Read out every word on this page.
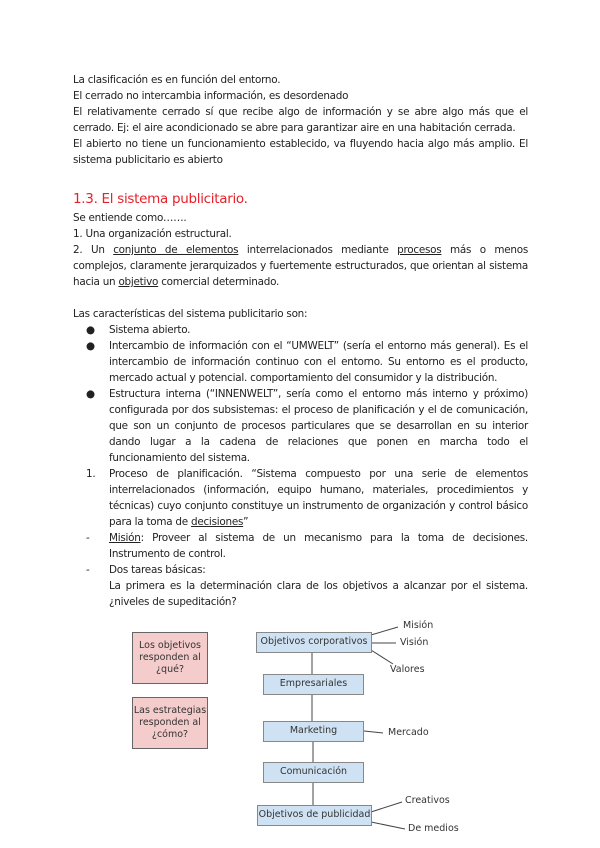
La clasificación es en función del entorno.

El cerrado no intercambia información, es desordenado

El relativamente cerrado sí que recibe algo de información y se abre algo más que el cerrado. Ej: el aire acondicionado se abre para garantizar aire en una habitación cerrada.

El abierto no tiene un funcionamiento establecido, va fluyendo hacia algo más amplio. El sistema publicitario es abierto

1.3. El sistema publicitario.

Se entiende como…….

1. Una organización estructural.

2. Un conjunto de elementos interrelacionados mediante procesos más o menos complejos, claramente jerarquizados y fuertemente estructurados, que orientan al sistema hacia un objetivo comercial determinado.

Las características del sistema publicitario son:

● Sistema abierto.
● Intercambio de información con el “UMWELT” (sería el entorno más general). Es el intercambio de información continuo con el entorno. Su entorno es el producto, mercado actual y potencial. comportamiento del consumidor y la distribución.
● Estructura interna (“INNENWELT”, sería como el entorno más interno y próximo) configurada por dos subsistemas: el proceso de planificación y el de comunicación, que son un conjunto de procesos particulares que se desarrollan en su interior dando lugar a la cadena de relaciones que ponen en marcha todo el funcionamiento del sistema.
1. Proceso de planificación. “Sistema compuesto por una serie de elementos interrelacionados (información, equipo humano, materiales, procedimientos y técnicas) cuyo conjunto constituye un instrumento de organización y control básico para la toma de decisiones”
- Misión: Proveer al sistema de un mecanismo para la toma de decisiones. Instrumento de control.
- Dos tareas básicas:
La primera es la determinación clara de los objetivos a alcanzar por el sistema. ¿niveles de supeditación?
Los objetivos responden al ¿qué?
Las estrategias responden al ¿cómo?
Objetivos corporativos
Empresariales
Marketing
Comunicación
Objetivos de publicidad
Misión
Visión
Valores
Mercado
Creativos
De medios
